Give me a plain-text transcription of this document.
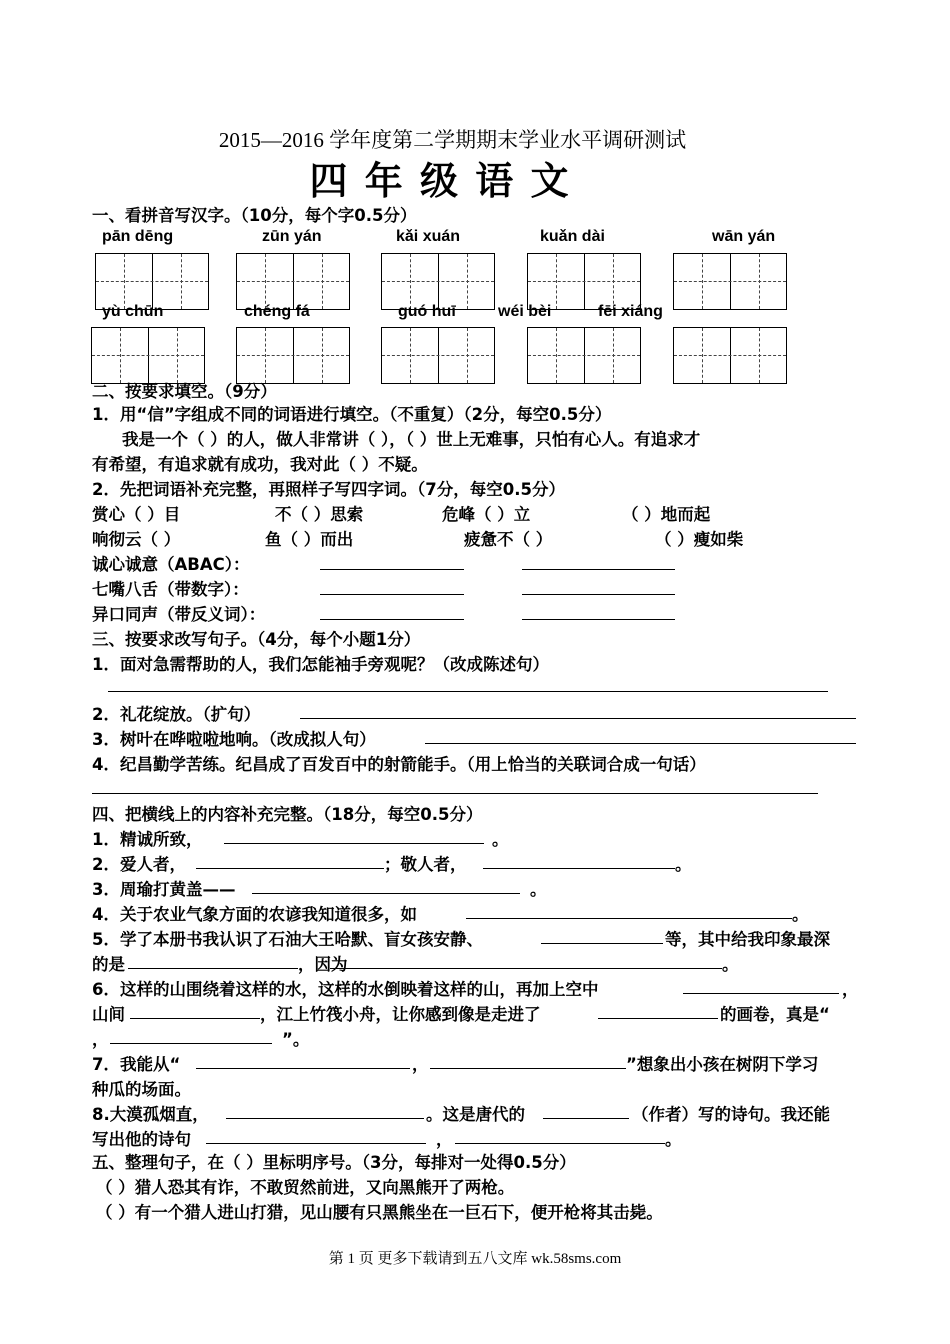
2015—2016 学年度第二学期期末学业水平调研测试
四 年 级 语 文
一、看拼音写汉字。（10分，每个字0.5分）
pān dēng	zūn yán	kǎi xuán	kuǎn dài	wān yán
yù chūn	chéng fá	guó huī	wéi bèi	fēi xiáng
二、按要求填空。（9分）
1．用“信”字组成不同的词语进行填空。（不重复）（2分，每空0.5分）
我是一个（ ）的人，做人非常讲（ ），（ ）世上无难事，只怕有心人。有追求才
有希望，有追求就有成功，我对此（ ）不疑。
2．先把词语补充完整，再照样子写四字词。（7分，每空0.5分）
赏心（ ）目	不（ ）思索	危峰（ ）立	（ ）地而起
响彻云（ ）	鱼（ ）而出	疲惫不（ ）	（ ）瘦如柴
诚心诚意（ABAC）：
七嘴八舌（带数字）：
异口同声（带反义词）：
三、按要求改写句子。（4分，每个小题1分）
1．面对急需帮助的人，我们怎能袖手旁观呢？（改成陈述句）
2．礼花绽放。（扩句）
3．树叶在哗啦啦地响。（改成拟人句）
4．纪昌勤学苦练。纪昌成了百发百中的射箭能手。（用上恰当的关联词合成一句话）
四、把横线上的内容补充完整。（18分，每空0.5分）
1．精诚所致，	。
2．爱人者，	；敬人者，	。
3．周瑜打黄盖——	。
4．关于农业气象方面的农谚我知道很多，如	。
5．学了本册书我认识了石油大王哈默、盲女孩安静、	等，其中给我印象最深
的是	，因为	。
6．这样的山围绕着这样的水，这样的水倒映着这样的山，再加上空中	，
山间	，江上竹筏小舟，让你感到像是走进了	的画卷，真是“
，	”。
7．我能从“	，	”想象出小孩在树阴下学习
种瓜的场面。
8.大漠孤烟直，	。这是唐代的	（作者）写的诗句。我还能
写出他的诗句	，	。
五、整理句子，在（ ）里标明序号。（3分，每排对一处得0.5分）
（ ）猎人恐其有诈，不敢贸然前进，又向黑熊开了两枪。
（ ）有一个猎人进山打猎，见山腰有只黑熊坐在一巨石下，便开枪将其击毙。
第 1 页 更多下载请到五八文库 wk.58sms.com
